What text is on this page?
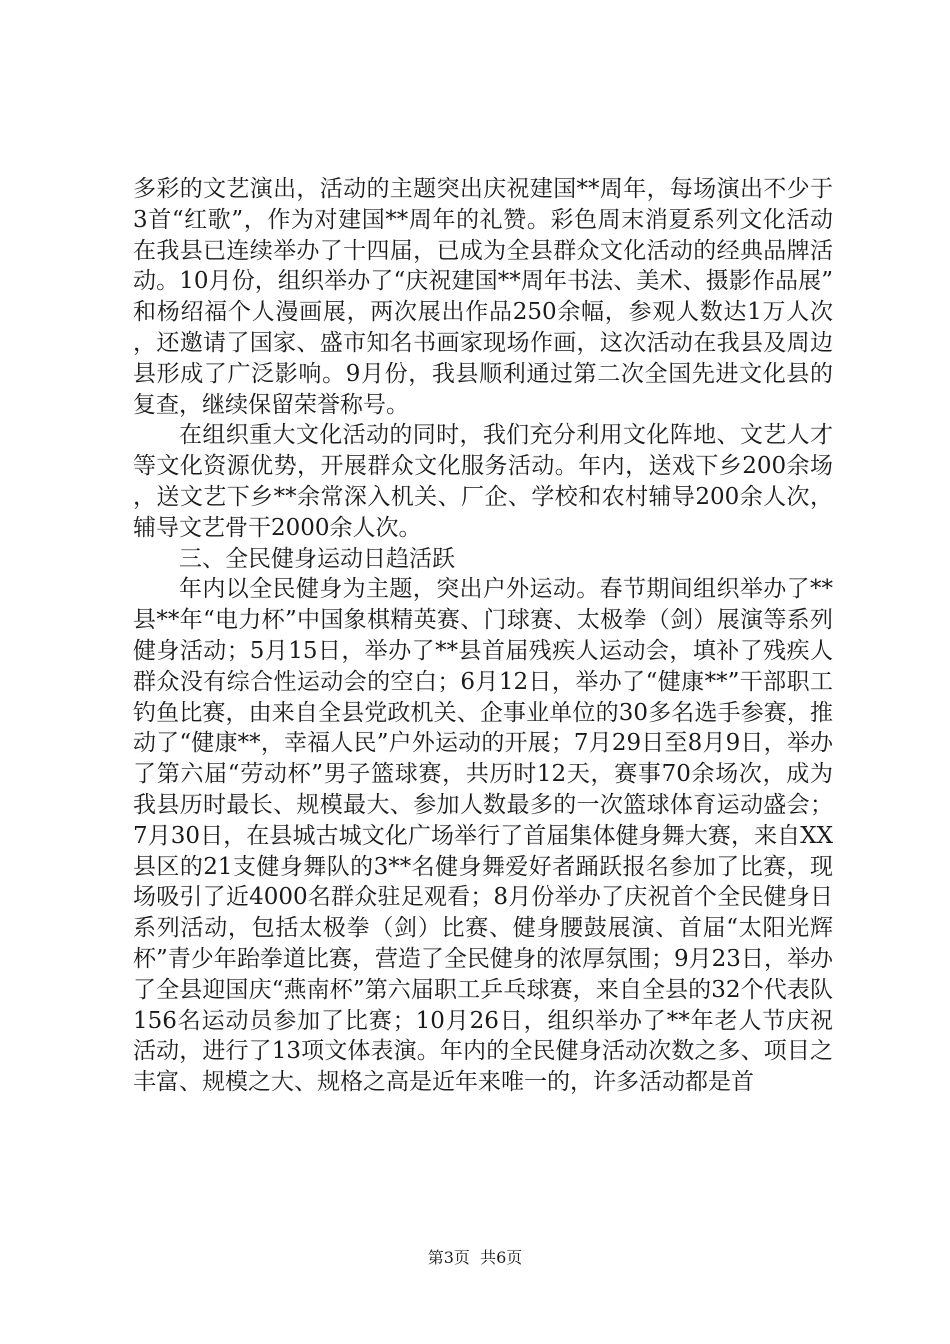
多彩的文艺演出，活动的主题突出庆祝建国**周年，每场演出不少于3首“红歌”，作为对建国**周年的礼赞。彩色周末消夏系列文化活动在我县已连续举办了十四届，已成为全县群众文化活动的经典品牌活动。10月份，组织举办了“庆祝建国**周年书法、美术、摄影作品展”和杨绍福个人漫画展，两次展出作品250余幅，参观人数达1万人次，还邀请了国家、盛市知名书画家现场作画，这次活动在我县及周边县形成了广泛影响。9月份，我县顺利通过第二次全国先进文化县的复查，继续保留荣誉称号。

在组织重大文化活动的同时，我们充分利用文化阵地、文艺人才等文化资源优势，开展群众文化服务活动。年内，送戏下乡200余场，送文艺下乡**余常深入机关、厂企、学校和农村辅导200余人次，辅导文艺骨干2000余人次。

三、全民健身运动日趋活跃

年内以全民健身为主题，突出户外运动。春节期间组织举办了**县**年“电力杯”中国象棋精英赛、门球赛、太极拳（剑）展演等系列健身活动；5月15日，举办了**县首届残疾人运动会，填补了残疾人群众没有综合性运动会的空白；6月12日，举办了“健康**”干部职工钓鱼比赛，由来自全县党政机关、企事业单位的30多名选手参赛，推动了“健康**，幸福人民”户外运动的开展；7月29日至8月9日，举办了第六届“劳动杯”男子篮球赛，共历时12天，赛事70余场次，成为我县历时最长、规模最大、参加人数最多的一次篮球体育运动盛会；7月30日，在县城古城文化广场举行了首届集体健身舞大赛，来自XX县区的21支健身舞队的3**名健身舞爱好者踊跃报名参加了比赛，现场吸引了近4000名群众驻足观看；8月份举办了庆祝首个全民健身日系列活动，包括太极拳（剑）比赛、健身腰鼓展演、首届“太阳光辉杯”青少年跆拳道比赛，营造了全民健身的浓厚氛围；9月23日，举办了全县迎国庆“燕南杯”第六届职工乒乓球赛，来自全县的32个代表队156名运动员参加了比赛；10月26日，组织举办了**年老人节庆祝活动，进行了13项文体表演。年内的全民健身活动次数之多、项目之丰富、规模之大、规格之高是近年来唯一的，许多活动都是首

第3页 共6页
